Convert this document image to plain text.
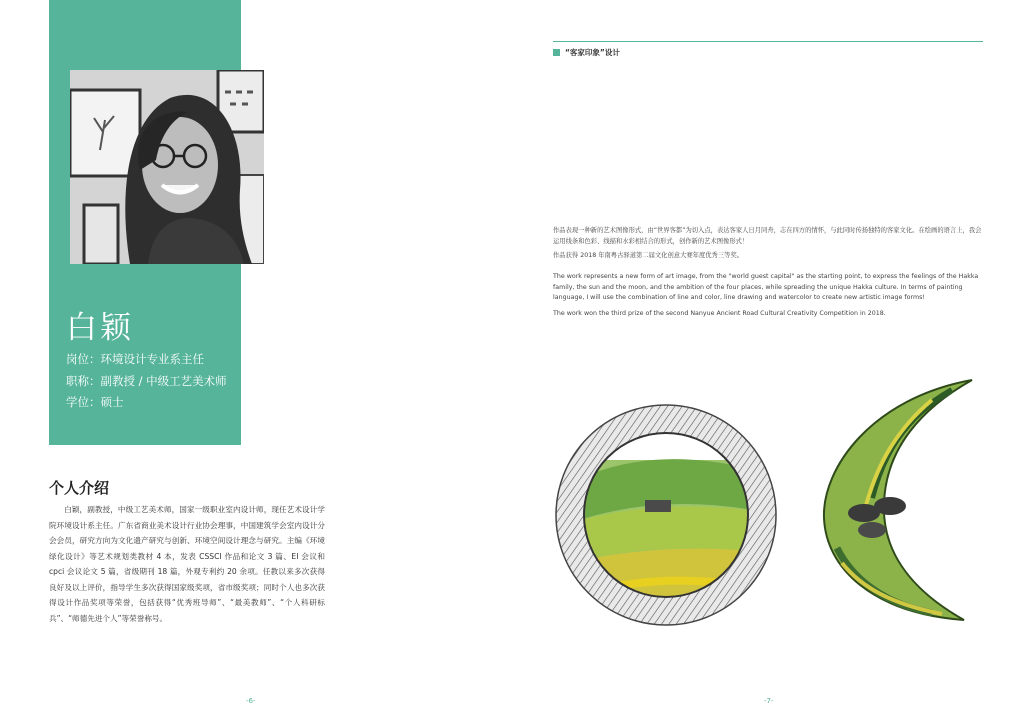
白颖
岗位：环境设计专业系主任
职称：副教授 / 中级工艺美术师
学位：硕士
个人介绍

白颖，副教授，中级工艺美术师，国家一级职业室内设计师，现任艺术设计学院环境设计系主任。广东省商业美术设计行业协会理事，中国建筑学会室内设计分会会员，研究方向为文化遗产研究与创新、环境空间设计理念与研究。主编《环境绿化设计》等艺术规划类教材 4 本，发表 CSSCI 作品和论文 3 篇、EI 会议和 cpci 会议论文 5 篇，省级期刊 18 篇，外观专利约 20 余项。任教以来多次获得良好及以上评价，指导学生多次获得国家级奖项，省市级奖项；同时个人也多次获得设计作品奖项等荣誉，包括获得“优秀班导师”、“最美教师”、“个人科研标兵”、“师德先进个人”等荣誉称号。

-6-
“客家印象”设计

作品表现一种新的艺术图像形式，由“世界客都”为切入点，表达客家人日月同舟，志在四方的情怀，与此同时传扬独特的客家文化。在绘画的语言上，我会运用线条和色彩、线描和水彩相结合的形式，创作新的艺术图像形式！

作品获得 2018 年南粤古驿道第二届文化创意大赛年度优秀三等奖。

The work represents a new form of art image, from the "world guest capital" as the starting point, to express the feelings of the Hakka family, the sun and the moon, and the ambition of the four places, while spreading the unique Hakka culture. In terms of painting language, I will use the combination of line and color, line drawing and watercolor to create new artistic image forms!

The work won the third prize of the second Nanyue Ancient Road Cultural Creativity Competition in 2018.

-7-
